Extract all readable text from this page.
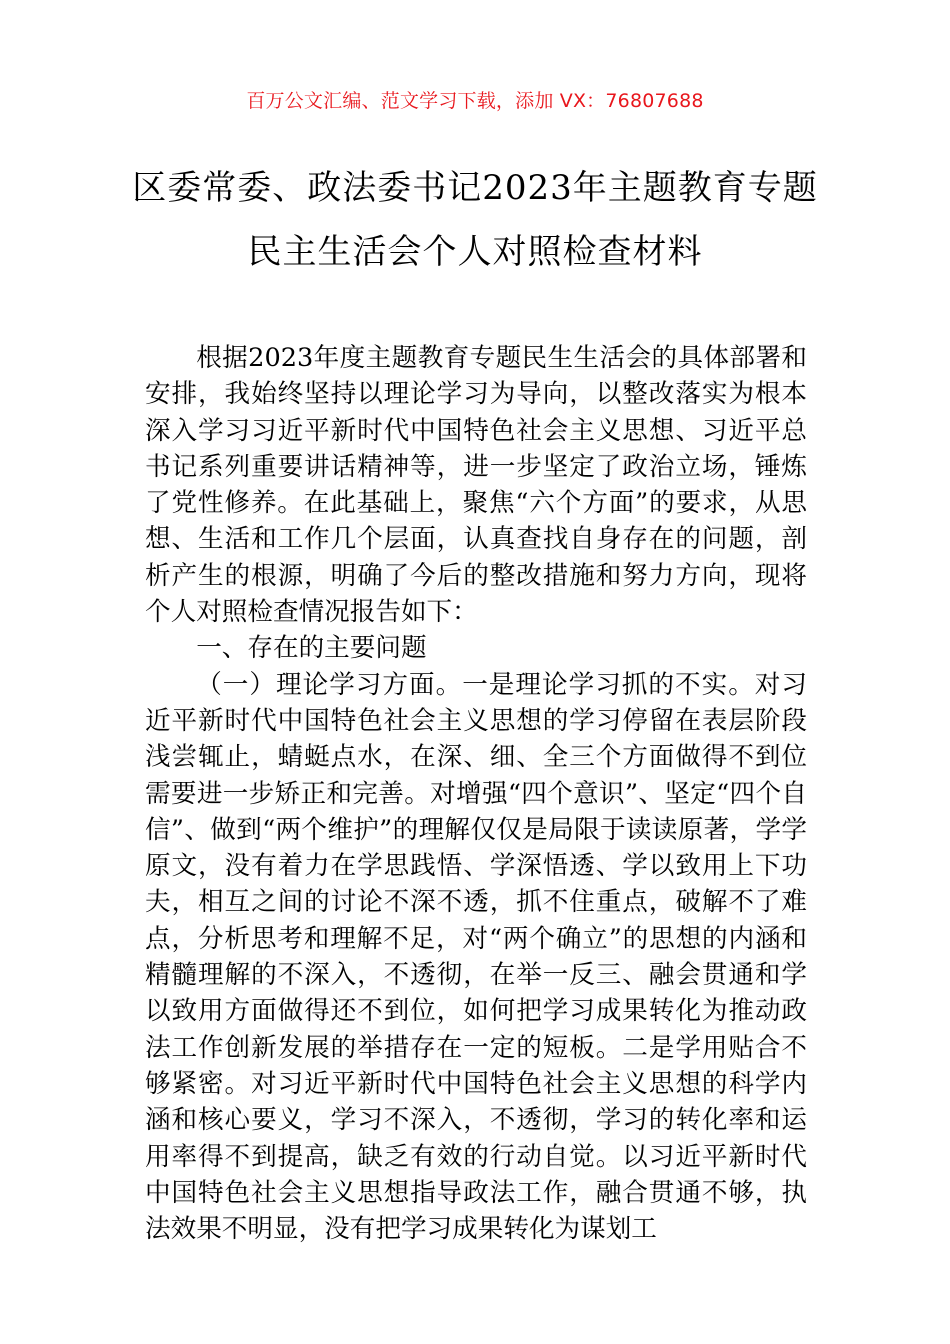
百万公文汇编、范文学习下载，添加 VX：76807688
区委常委、政法委书记2023年主题教育专题民主生活会个人对照检查材料

根据2023年度主题教育专题民生生活会的具体部署和安排，我始终坚持以理论学习为导向，以整改落实为根本深入学习习近平新时代中国特色社会主义思想、习近平总书记系列重要讲话精神等，进一步坚定了政治立场，锤炼了党性修养。在此基础上，聚焦“六个方面”的要求，从思想、生活和工作几个层面，认真查找自身存在的问题，剖析产生的根源，明确了今后的整改措施和努力方向，现将个人对照检查情况报告如下：

一、存在的主要问题

（一）理论学习方面。一是理论学习抓的不实。对习近平新时代中国特色社会主义思想的学习停留在表层阶段浅尝辄止，蜻蜓点水，在深、细、全三个方面做得不到位需要进一步矫正和完善。对增强“四个意识”、坚定“四个自信”、做到“两个维护”的理解仅仅是局限于读读原著，学学原文，没有着力在学思践悟、学深悟透、学以致用上下功夫，相互之间的讨论不深不透，抓不住重点，破解不了难点，分析思考和理解不足，对“两个确立”的思想的内涵和精髓理解的不深入，不透彻，在举一反三、融会贯通和学以致用方面做得还不到位，如何把学习成果转化为推动政法工作创新发展的举措存在一定的短板。二是学用贴合不够紧密。对习近平新时代中国特色社会主义思想的科学内涵和核心要义，学习不深入，不透彻，学习的转化率和运用率得不到提高，缺乏有效的行动自觉。以习近平新时代中国特色社会主义思想指导政法工作，融合贯通不够，执法效果不明显，没有把学习成果转化为谋划工
